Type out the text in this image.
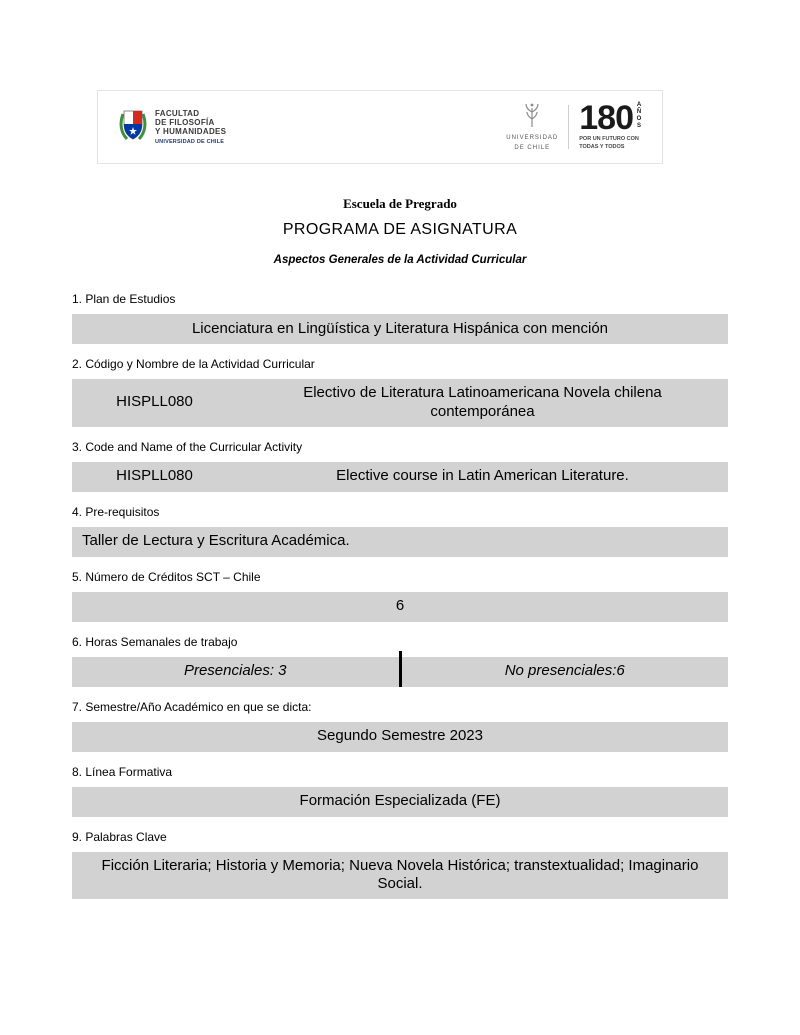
FACULTAD
DE FILOSOFÍA
Y HUMANIDADES
UNIVERSIDAD DE CHILE
UNIVERSIDAD
DE CHILE
180 AÑOS
POR UN FUTURO CON
TODAS Y TODOS

Escuela de Pregrado

PROGRAMA DE ASIGNATURA

Aspectos Generales de la Actividad Curricular

1. Plan de Estudios
Licenciatura en Lingüística y Literatura Hispánica con mención
2. Código y Nombre de la Actividad Curricular
HISPLL080
Electivo de Literatura Latinoamericana Novela chilena contemporánea
3. Code and Name of the Curricular Activity
HISPLL080	Elective course in Latin American Literature.
4. Pre-requisitos
Taller de Lectura y Escritura Académica.
5. Número de Créditos SCT – Chile
6
6. Horas Semanales de trabajo
Presenciales: 3	No presenciales:6
7. Semestre/Año Académico en que se dicta:
Segundo Semestre 2023
8. Línea Formativa
Formación Especializada (FE)
9. Palabras Clave
Ficción Literaria; Historia y Memoria; Nueva Novela Histórica; transtextualidad; Imaginario Social.
